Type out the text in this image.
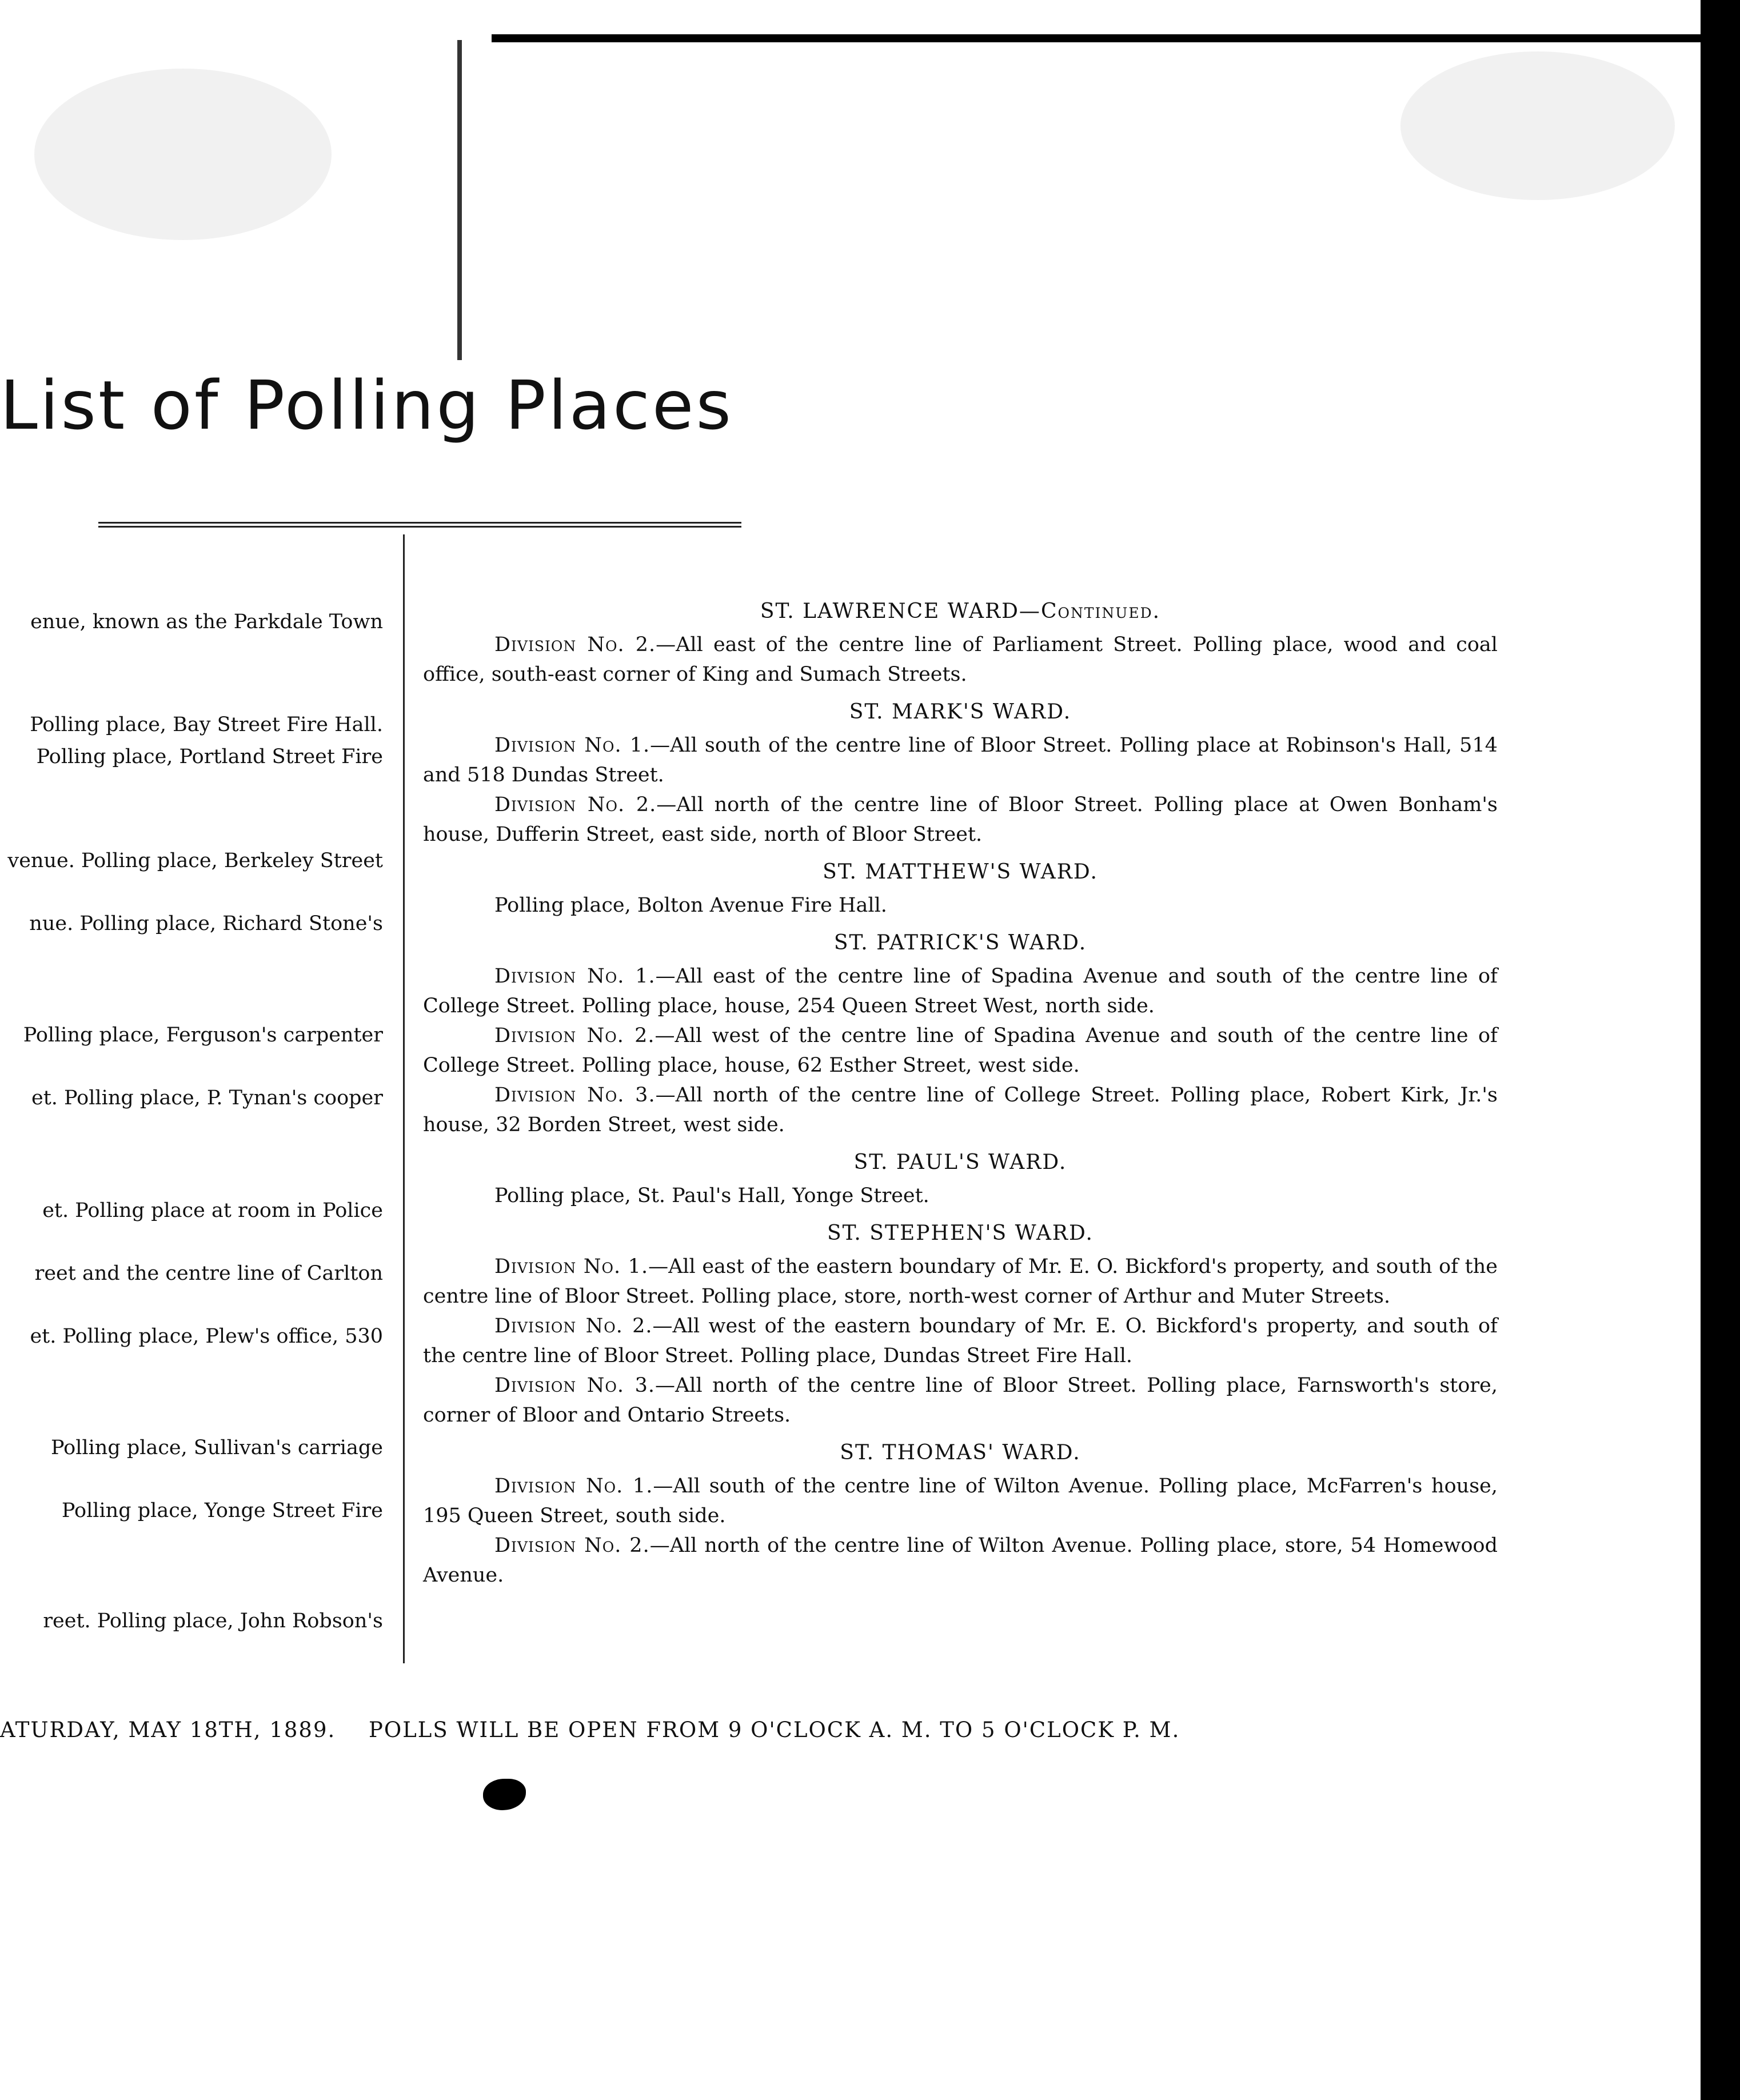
List of Polling Places
enue, known as the Parkdale Town
Polling place, Bay Street Fire Hall.
Polling place, Portland Street Fire
venue. Polling place, Berkeley Street
nue. Polling place, Richard Stone's
Polling place, Ferguson's carpenter
et. Polling place, P. Tynan's cooper
et. Polling place at room in Police
reet and the centre line of Carlton
et. Polling place, Plew's office, 530
Polling place, Sullivan's carriage
Polling place, Yonge Street Fire
reet. Polling place, John Robson's
ST. LAWRENCE WARD—Continued.

Division No. 2.—All east of the centre line of Parliament Street. Polling place, wood and coal office, south-east corner of King and Sumach Streets.

ST. MARK'S WARD.

Division No. 1.—All south of the centre line of Bloor Street. Polling place at Robinson's Hall, 514 and 518 Dundas Street.

Division No. 2.—All north of the centre line of Bloor Street. Polling place at Owen Bonham's house, Dufferin Street, east side, north of Bloor Street.

ST. MATTHEW'S WARD.

Polling place, Bolton Avenue Fire Hall.

ST. PATRICK'S WARD.

Division No. 1.—All east of the centre line of Spadina Avenue and south of the centre line of College Street. Polling place, house, 254 Queen Street West, north side.

Division No. 2.—All west of the centre line of Spadina Avenue and south of the centre line of College Street. Polling place, house, 62 Esther Street, west side.

Division No. 3.—All north of the centre line of College Street. Polling place, Robert Kirk, Jr.'s house, 32 Borden Street, west side.

ST. PAUL'S WARD.

Polling place, St. Paul's Hall, Yonge Street.

ST. STEPHEN'S WARD.

Division No. 1.—All east of the eastern boundary of Mr. E. O. Bickford's property, and south of the centre line of Bloor Street. Polling place, store, north-west corner of Arthur and Muter Streets.

Division No. 2.—All west of the eastern boundary of Mr. E. O. Bickford's property, and south of the centre line of Bloor Street. Polling place, Dundas Street Fire Hall.

Division No. 3.—All north of the centre line of Bloor Street. Polling place, Farnsworth's store, corner of Bloor and Ontario Streets.

ST. THOMAS' WARD.

Division No. 1.—All south of the centre line of Wilton Avenue. Polling place, McFarren's house, 195 Queen Street, south side.

Division No. 2.—All north of the centre line of Wilton Avenue. Polling place, store, 54 Homewood Avenue.

ATURDAY, MAY 18TH, 1889. POLLS WILL BE OPEN FROM 9 O'CLOCK A. M. TO 5 O'CLOCK P. M.
